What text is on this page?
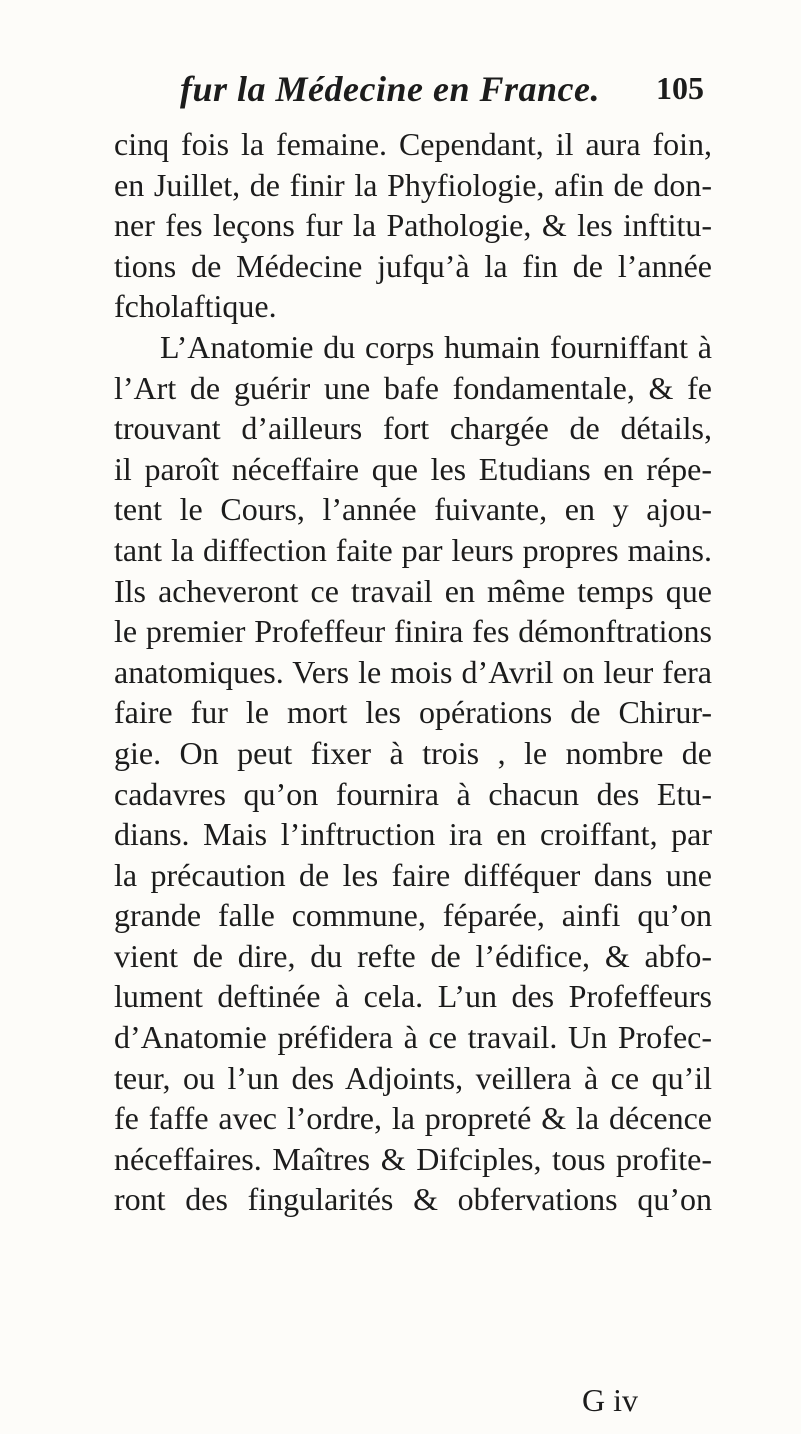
fur la Médecine en France. 105
cinq fois la femaine. Cependant, il aura foin,
en Juillet, de finir la Phyfiologie, afin de don-
ner fes leçons fur la Pathologie, & les inftitu-
tions de Médecine jufqu’à la fin de l’année
fcholaftique.
L’Anatomie du corps humain fourniffant à
l’Art de guérir une bafe fondamentale, & fe
trouvant d’ailleurs fort chargée de détails,
il paroît néceffaire que les Etudians en répe-
tent le Cours, l’année fuivante, en y ajou-
tant la diffection faite par leurs propres mains.
Ils acheveront ce travail en même temps que
le premier Profeffeur finira fes démonftrations
anatomiques. Vers le mois d’Avril on leur fera
faire fur le mort les opérations de Chirur-
gie. On peut fixer à trois , le nombre de
cadavres qu’on fournira à chacun des Etu-
dians. Mais l’inftruction ira en croiffant, par
la précaution de les faire difféquer dans une
grande falle commune, féparée, ainfi qu’on
vient de dire, du refte de l’édifice, & abfo-
lument deftinée à cela. L’un des Profeffeurs
d’Anatomie préfidera à ce travail. Un Profec-
teur, ou l’un des Adjoints, veillera à ce qu’il
fe faffe avec l’ordre, la propreté & la décence
néceffaires. Maîtres & Difciples, tous profite-
ront des fingularités & obfervations qu’on
G iv
